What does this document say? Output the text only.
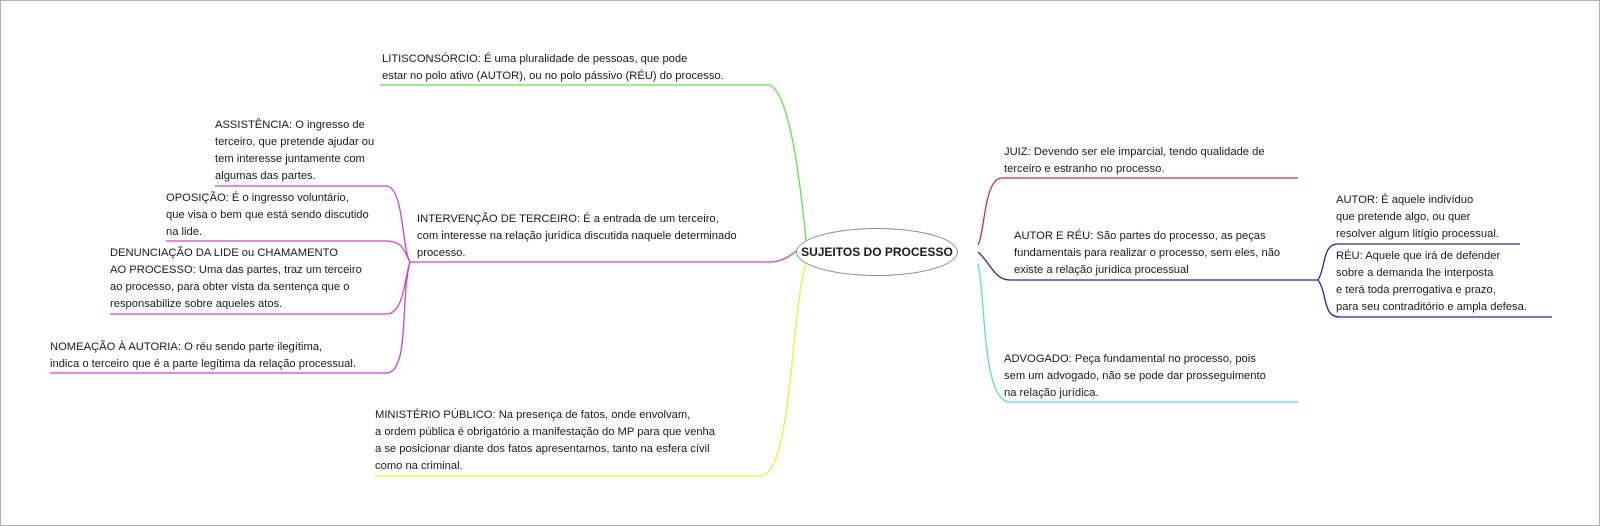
SUJEITOS DO PROCESSO
LITISCONSÓRCIO: É uma pluralidade de pessoas, que pode
estar no polo ativo (AUTOR), ou no polo pássivo (RÉU) do processo.
INTERVENÇÃO DE TERCEIRO: É a entrada de um terceiro,
com interesse na relação jurídica discutida naquele determinado
processo.
ASSISTÊNCIA: O ingresso de
terceiro, que pretende ajudar ou
tem interesse juntamente com
algumas das partes.
OPOSIÇÃO: É o ingresso voluntário,
que visa o bem que está sendo discutido
na lide.
DENUNCIAÇÃO DA LIDE ou CHAMAMENTO
AO PROCESSO: Uma das partes, traz um terceiro
ao processo, para obter vista da sentença que o
responsabilize sobre aqueles atos.
NOMEAÇÃO À AUTORIA: O réu sendo parte ilegítima,
indica o terceiro que é a parte legítima da relação processual.
MINISTÉRIO PÚBLICO: Na presença de fatos, onde envolvam,
a ordem pública é obrigatório a manifestação do MP para que venha
a se posicionar diante dos fatos apresentamos, tanto na esfera cívil
como na criminal.
JUIZ: Devendo ser ele imparcial, tendo qualidade de
terceiro e estranho no processo.
AUTOR E RÉU: São partes do processo, as peças
fundamentais para realizar o processo, sem eles, não
existe a relação jurídica processual
AUTOR: É aquele indivíduo
que pretende algo, ou quer
resolver algum litígio processual.
RÉU: Aquele que irá de defender
sobre a demanda lhe interposta
e terá toda prerrogativa e prazo,
para seu contraditório e ampla defesa.
ADVOGADO: Peça fundamental no processo, pois
sem um advogado, não se pode dar prosseguimento
na relação jurídica.
